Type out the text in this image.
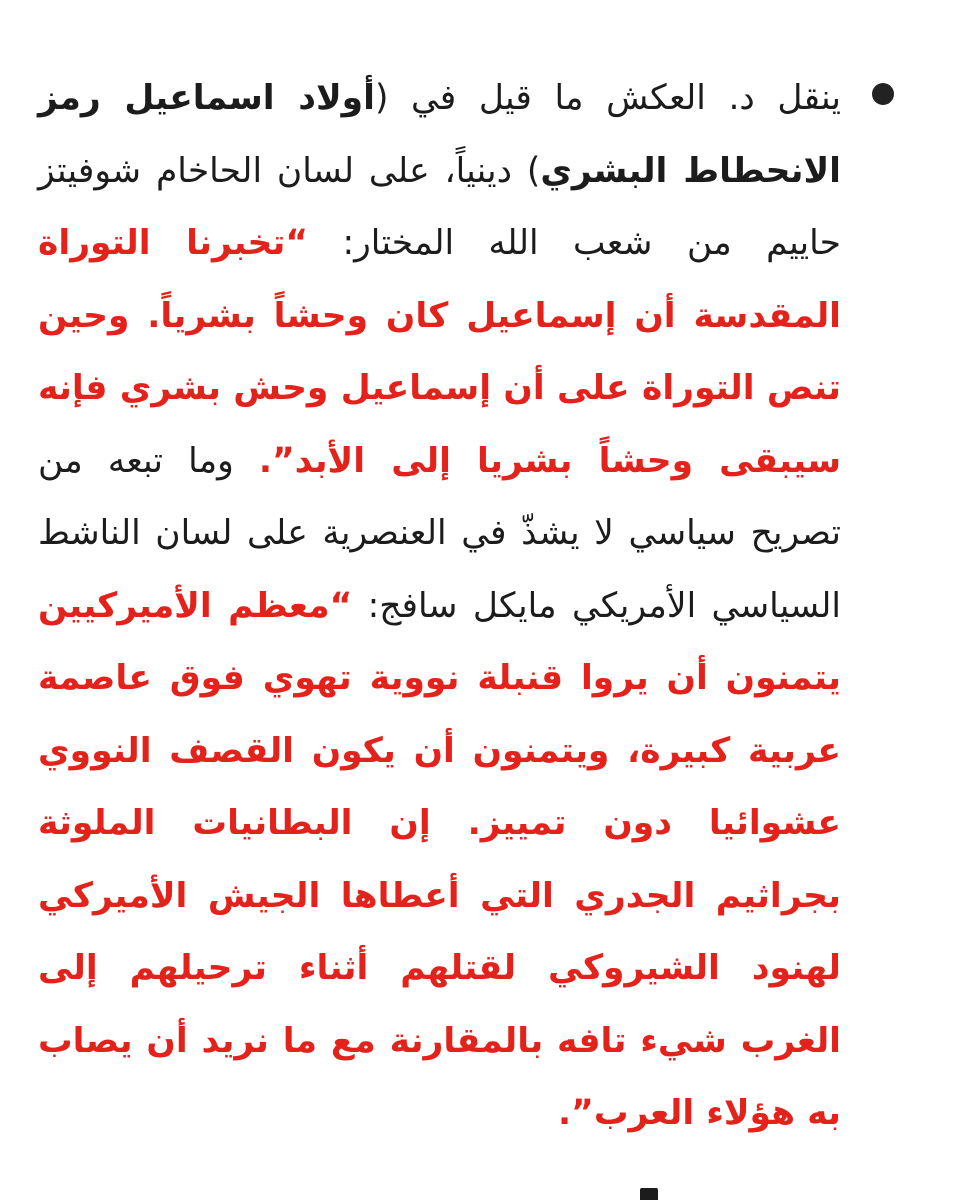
ينقل د. العكش ما قيل في (أولاد اسماعيل رمز الانحطاط البشري) دينياً، على لسان الحاخام شوفيتز حاييم من شعب الله المختار: “تخبرنا التوراة المقدسة أن إسماعيل كان وحشاً بشرياً. وحين تنص التوراة على أن إسماعيل وحش بشري فإنه سيبقى وحشاً بشريا إلى الأبد”. وما تبعه من تصريح سياسي لا يشذّ في العنصرية على لسان الناشط السياسي الأمريكي مايكل سافج: “معظم الأميركيين يتمنون أن يروا قنبلة نووية تهوي فوق عاصمة عربية كبيرة، ويتمنون أن يكون القصف النووي عشوائيا دون تمييز. إن البطانيات الملوثة بجراثيم الجدري التي أعطاها الجيش الأميركي لهنود الشيروكي لقتلهم أثناء ترحيلهم إلى الغرب شيء تافه بالمقارنة مع ما نريد أن يصاب به هؤلاء العرب”.
